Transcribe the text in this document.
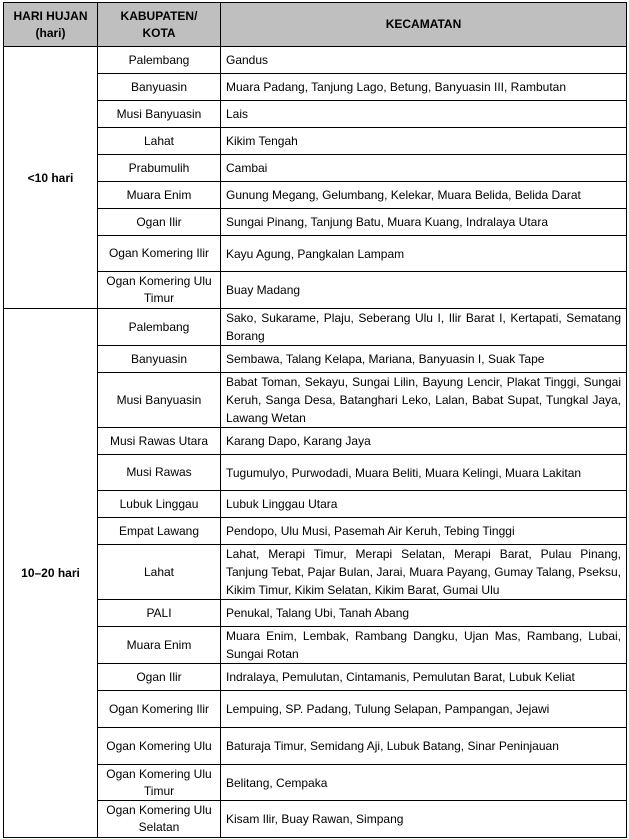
HARI HUJAN (hari)	KABUPATEN/ KOTA	KECAMATAN
<10 hari	Palembang	Gandus
	Banyuasin	Muara Padang, Tanjung Lago, Betung, Banyuasin III, Rambutan
	Musi Banyuasin	Lais
	Lahat	Kikim Tengah
	Prabumulih	Cambai
	Muara Enim	Gunung Megang, Gelumbang, Kelekar, Muara Belida, Belida Darat
	Ogan Ilir	Sungai Pinang, Tanjung Batu, Muara Kuang, Indralaya Utara
	Ogan Komering Ilir	Kayu Agung, Pangkalan Lampam
	Ogan Komering Ulu Timur	Buay Madang
10–20 hari	Palembang	Sako, Sukarame, Plaju, Seberang Ulu I, Ilir Barat I, Kertapati, Sematang Borang
	Banyuasin	Sembawa, Talang Kelapa, Mariana, Banyuasin I, Suak Tape
	Musi Banyuasin	Babat Toman, Sekayu, Sungai Lilin, Bayung Lencir, Plakat Tinggi, Sungai Keruh, Sanga Desa, Batanghari Leko, Lalan, Babat Supat, Tungkal Jaya, Lawang Wetan
	Musi Rawas Utara	Karang Dapo, Karang Jaya
	Musi Rawas	Tugumulyo, Purwodadi, Muara Beliti, Muara Kelingi, Muara Lakitan
	Lubuk Linggau	Lubuk Linggau Utara
	Empat Lawang	Pendopo, Ulu Musi, Pasemah Air Keruh, Tebing Tinggi
	Lahat	Lahat, Merapi Timur, Merapi Selatan, Merapi Barat, Pulau Pinang, Tanjung Tebat, Pajar Bulan, Jarai, Muara Payang, Gumay Talang, Pseksu, Kikim Timur, Kikim Selatan, Kikim Barat, Gumai Ulu
	PALI	Penukal, Talang Ubi, Tanah Abang
	Muara Enim	Muara Enim, Lembak, Rambang Dangku, Ujan Mas, Rambang, Lubai, Sungai Rotan
	Ogan Ilir	Indralaya, Pemulutan, Cintamanis, Pemulutan Barat, Lubuk Keliat
	Ogan Komering Ilir	Lempuing, SP. Padang, Tulung Selapan, Pampangan, Jejawi
	Ogan Komering Ulu	Baturaja Timur, Semidang Aji, Lubuk Batang, Sinar Peninjauan
	Ogan Komering Ulu Timur	Belitang, Cempaka
	Ogan Komering Ulu Selatan	Kisam Ilir, Buay Rawan, Simpang
